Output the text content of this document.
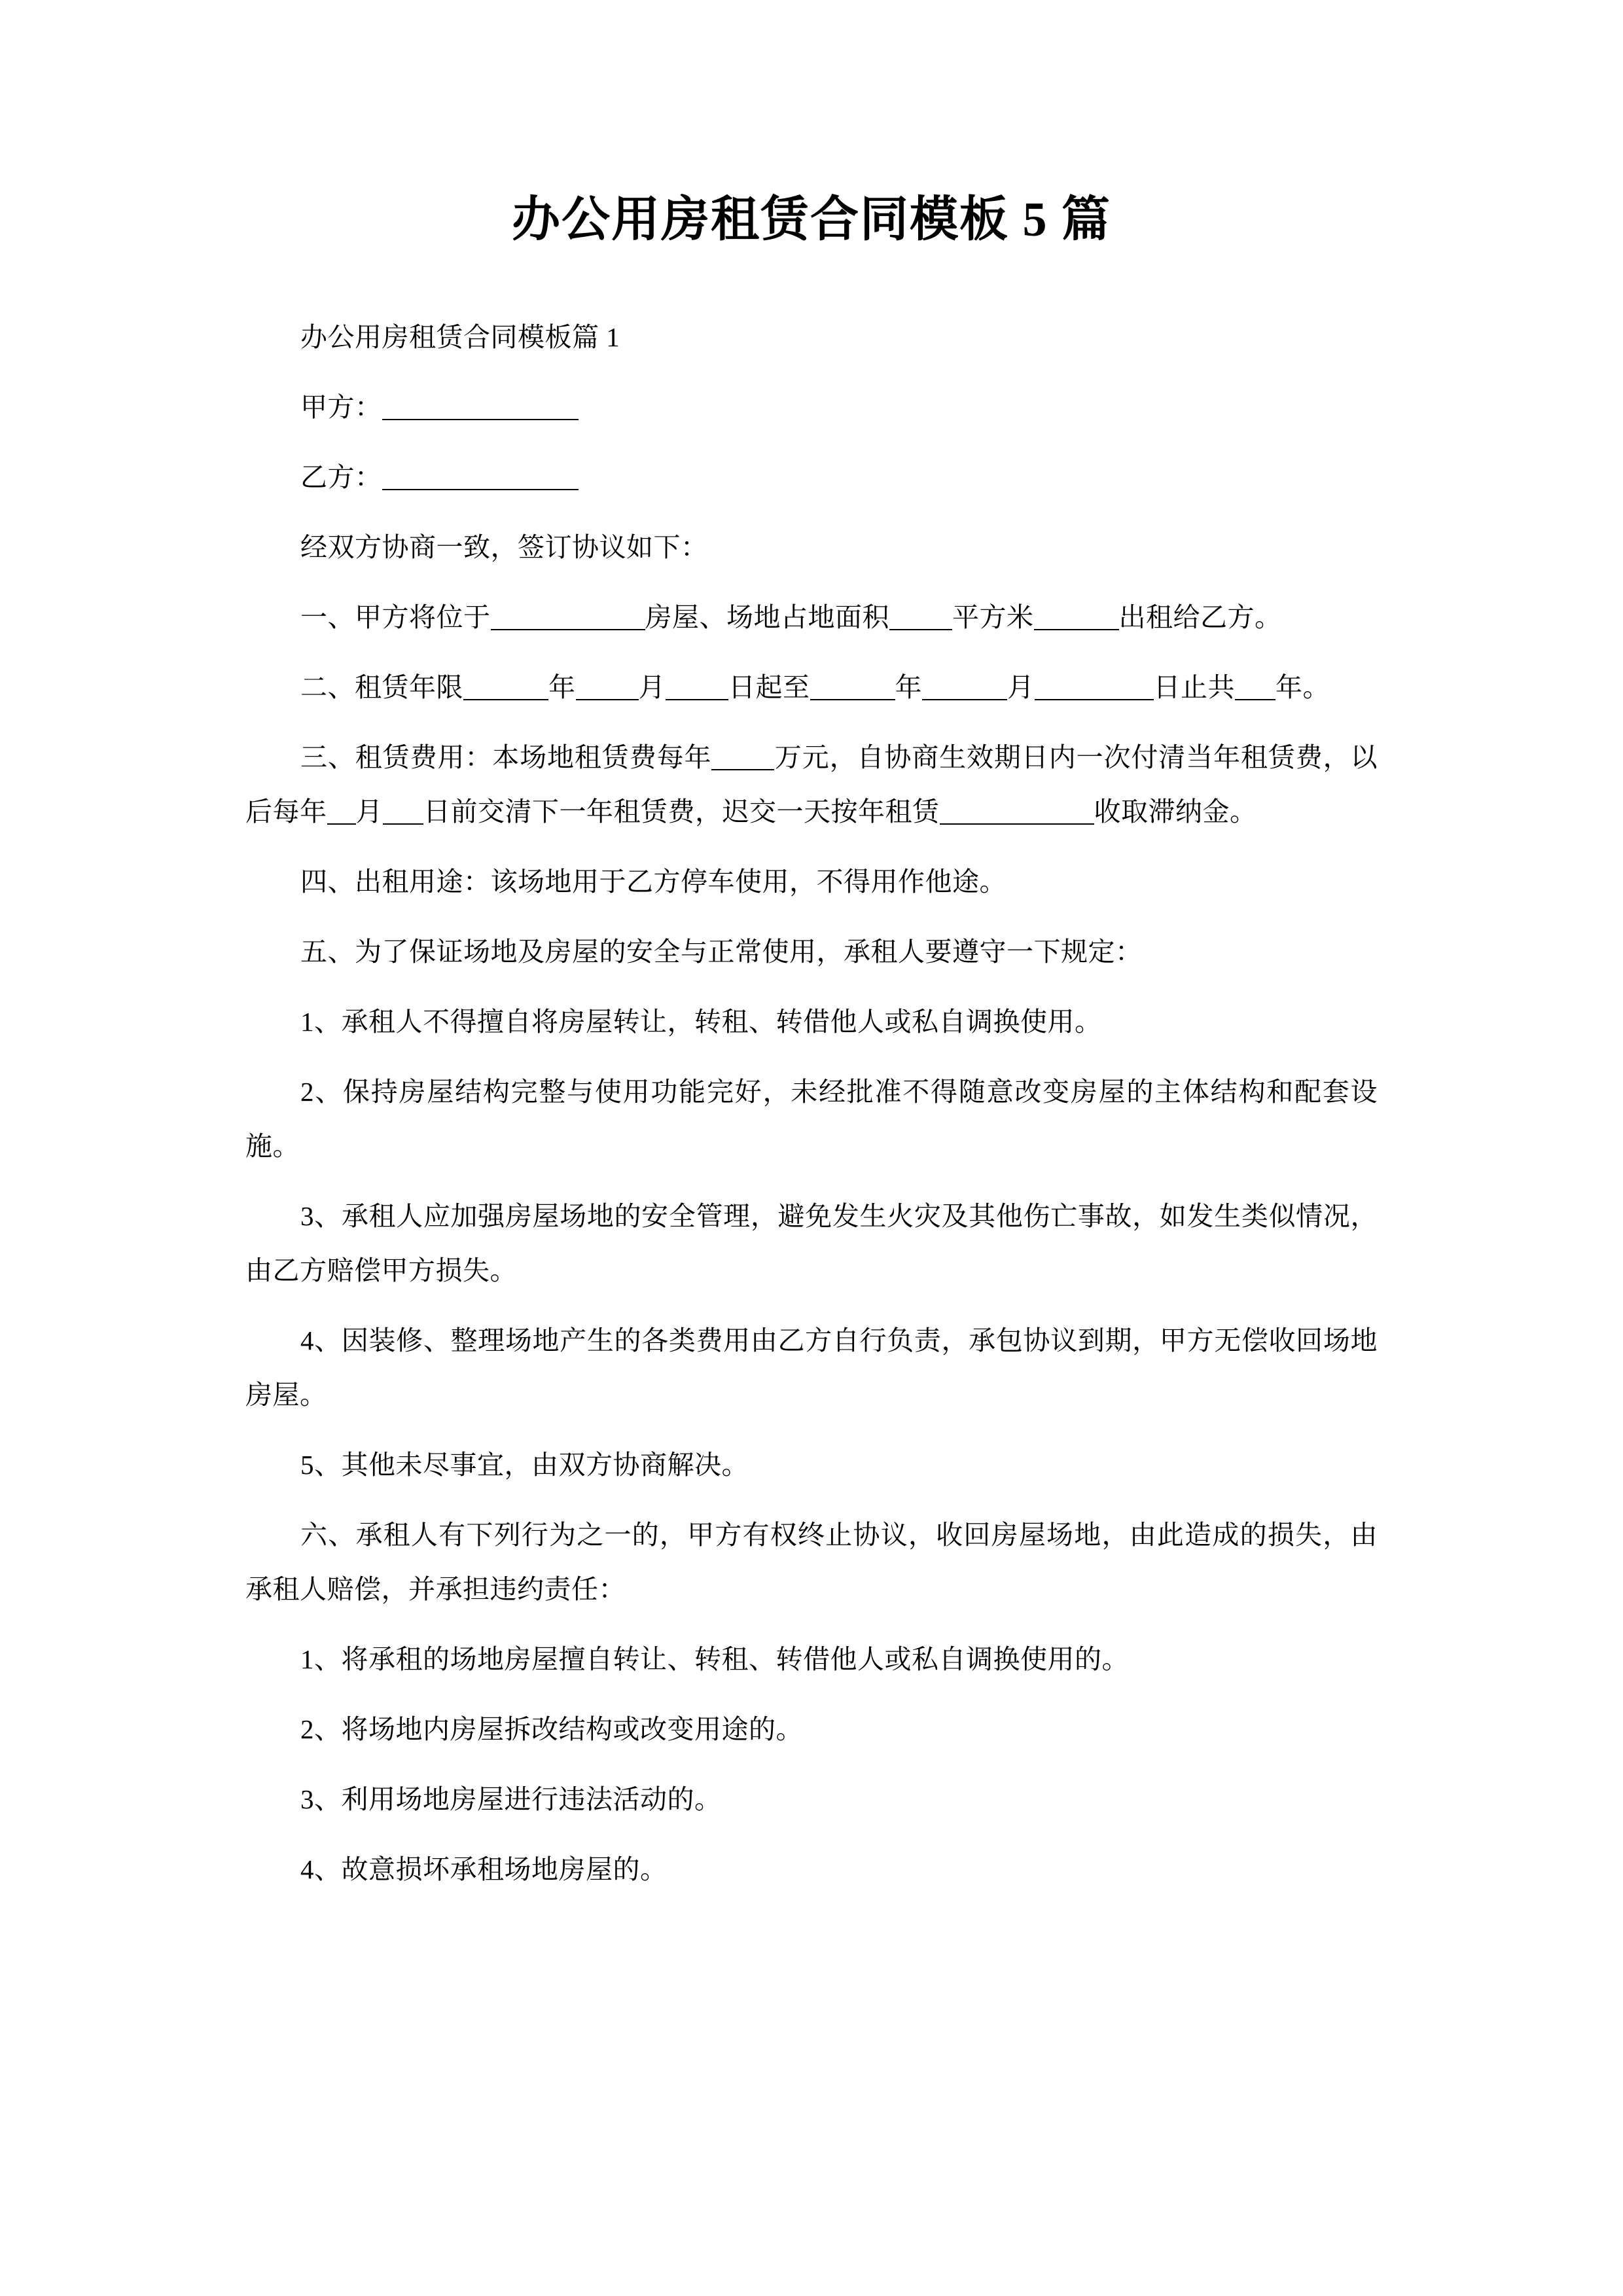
办公用房租赁合同模板 5 篇

办公用房租赁合同模板篇 1

甲方：

乙方：

经双方协商一致，签订协议如下：

一、甲方将位于	房屋、场地占地面积 平方米	出租给乙方。

二、租赁年限	年 月 日起至	年	月	日止共 年。

三、租赁费用：本场地租赁费每年 万元，自协商生效期日内一次付清当年租赁费，以后每年 月 日前交清下一年租赁费，迟交一天按年租赁	收取滞纳金。

四、出租用途：该场地用于乙方停车使用，不得用作他途。

五、为了保证场地及房屋的安全与正常使用，承租人要遵守一下规定：

1、承租人不得擅自将房屋转让，转租、转借他人或私自调换使用。

2、保持房屋结构完整与使用功能完好，未经批准不得随意改变房屋的主体结构和配套设施。

3、承租人应加强房屋场地的安全管理，避免发生火灾及其他伤亡事故，如发生类似情况，由乙方赔偿甲方损失。

4、因装修、整理场地产生的各类费用由乙方自行负责，承包协议到期，甲方无偿收回场地房屋。

5、其他未尽事宜，由双方协商解决。

六、承租人有下列行为之一的，甲方有权终止协议，收回房屋场地，由此造成的损失，由承租人赔偿，并承担违约责任：

1、将承租的场地房屋擅自转让、转租、转借他人或私自调换使用的。

2、将场地内房屋拆改结构或改变用途的。

3、利用场地房屋进行违法活动的。

4、故意损坏承租场地房屋的。
